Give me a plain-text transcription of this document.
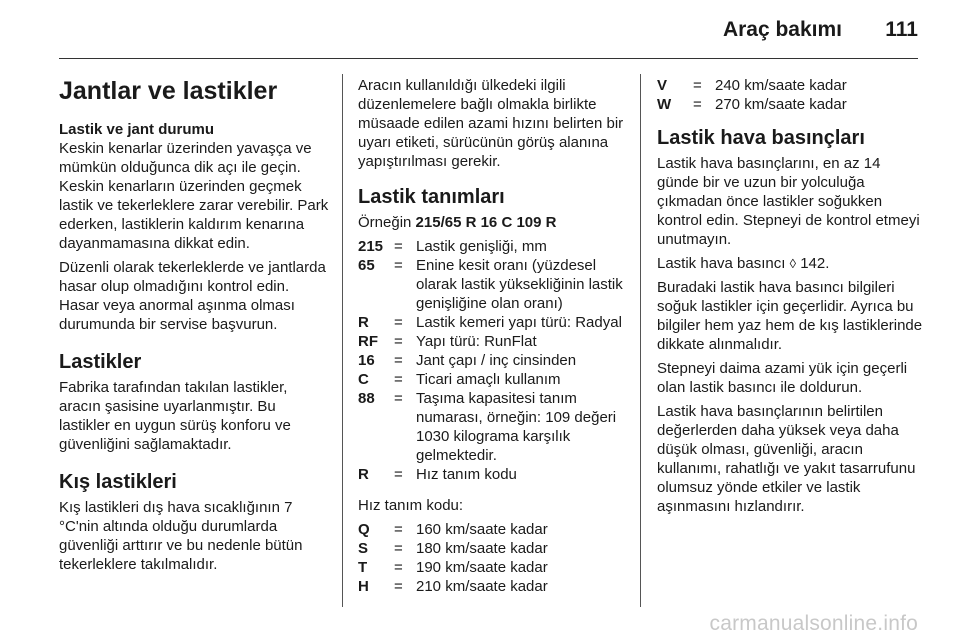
Araç bakımı 111
Jantlar ve lastikler
Lastik ve jant durumu

Keskin kenarlar üzerinden yavaşça ve mümkün olduğunca dik açı ile geçin. Keskin kenarların üzerinden geçmek lastik ve tekerleklere zarar verebilir. Park ederken, lastiklerin kaldırım kenarına dayanmamasına dikkat edin.

Düzenli olarak tekerleklerde ve jantlarda hasar olup olmadığını kontrol edin. Hasar veya anormal aşınma olması durumunda bir servise başvurun.

Lastikler

Fabrika tarafından takılan lastikler, aracın şasisine uyarlanmıştır. Bu lastikler en uygun sürüş konforu ve güvenliğini sağlamaktadır.

Kış lastikleri

Kış lastikleri dış hava sıcaklığının 7 °C'nin altında olduğu durumlarda güvenliği arttırır ve bu nedenle bütün tekerleklere takılmalıdır.

Aracın kullanıldığı ülkedeki ilgili düzenlemelere bağlı olmakla birlikte müsaade edilen azami hızını belirten bir uyarı etiketi, sürücünün görüş alanına yapıştırılması gerekir.

Lastik tanımları

Örneğin 215/65 R 16 C 109 R

215 = Lastik genişliği, mm
65	= Enine kesit oranı (yüzdesel olarak lastik yüksekliğinin lastik genişliğine olan oranı)
R	= Lastik kemeri yapı türü: Radyal
RF	= Yapı türü: RunFlat
16	= Jant çapı / inç cinsinden
C	= Ticari amaçlı kullanım
88	= Taşıma kapasitesi tanım numarası, örneğin: 109 değeri 1030 kilograma karşılık gelmektedir.
R	= Hız tanım kodu

Hız tanım kodu:

Q	= 160 km/saate kadar
S	= 180 km/saate kadar
T	= 190 km/saate kadar
H	= 210 km/saate kadar
V	= 240 km/saate kadar
W	= 270 km/saate kadar
Lastik hava basınçları

Lastik hava basınçlarını, en az 14 günde bir ve uzun bir yolculuğa çıkmadan önce lastikler soğukken kontrol edin. Stepneyi de kontrol etmeyi unutmayın.

Lastik hava basıncı ◊ 142.

Buradaki lastik hava basıncı bilgileri soğuk lastikler için geçerlidir. Ayrıca bu bilgiler hem yaz hem de kış lastiklerinde dikkate alınmalıdır.

Stepneyi daima azami yük için geçerli olan lastik basıncı ile doldurun.

Lastik hava basınçlarının belirtilen değerlerden daha yüksek veya daha düşük olması, güvenliği, aracın kullanımı, rahatlığı ve yakıt tasarrufunu olumsuz yönde etkiler ve lastik aşınmasını hızlandırır.

carmanualsonline.info
